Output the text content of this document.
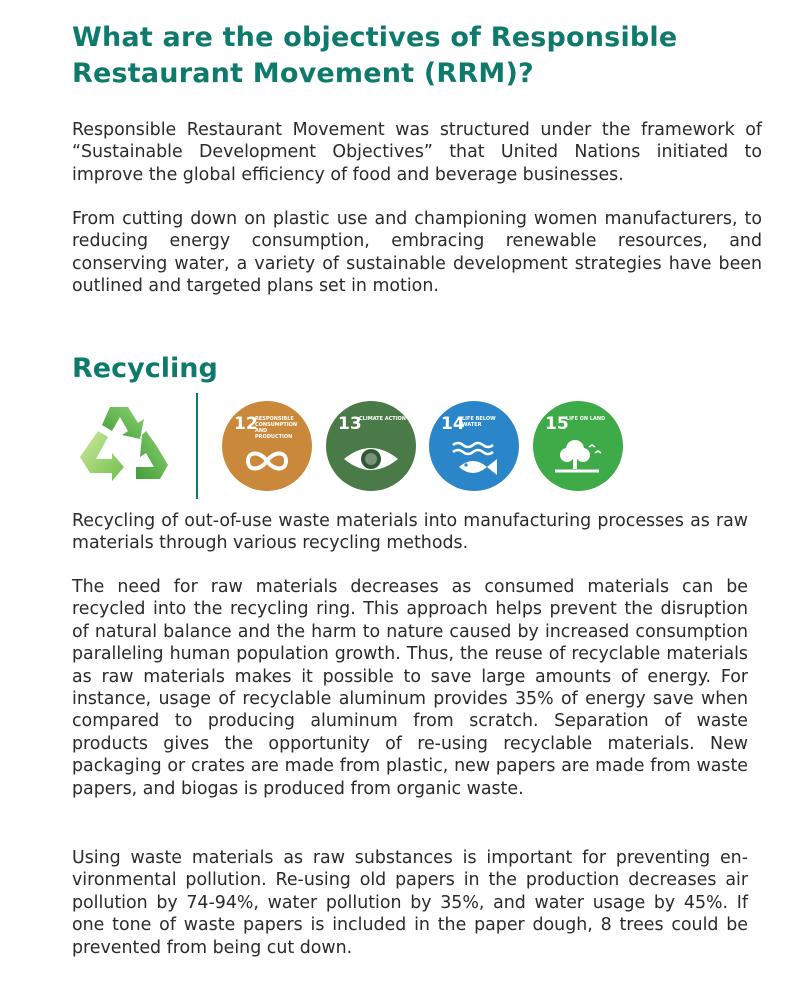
What are the objectives of Responsible Restaurant Movement (RRM)?

Responsible Restaurant Movement was structured under the framework of “Sustainable Development Objectives” that United Nations initiated to improve the global efficiency of food and beverage businesses.

From cutting down on plastic use and championing women manufacturers, to reducing energy consumption, embracing renewable resources, and conserving water, a variety of sustainable development strategies have been outlined and targeted plans set in motion.

Recycling
12
RESPONSIBLE CONSUMPTION AND PRODUCTION
13
CLIMATE ACTION 14
LIFE BELOW WATER	15
LIFE ON LAND

Recycling of out-of-use waste materials into manufacturing processes as raw materials through various recycling methods.

The need for raw materials decreases as consumed materials can be recycled into the recycling ring. This approach helps prevent the disruption of natural balance and the harm to nature caused by increased consumption paralleling human population growth. Thus, the reuse of recyclable materials as raw materials makes it possible to save large amounts of energy. For instance, usage of recyclable aluminum provides 35% of energy save when compared to producing aluminum from scratch. Separation of waste products gives the opportunity of re-using recyclable materials. New packaging or crates are made from plastic, new papers are made from waste papers, and biogas is produced from organic waste.

Using waste materials as raw substances is important for preventing environmental pollution. Re-using old papers in the production decreases air pollution by 74-94%, water pollution by 35%, and water usage by 45%. If one tone of waste papers is included in the paper dough, 8 trees could be prevented from being cut down.
